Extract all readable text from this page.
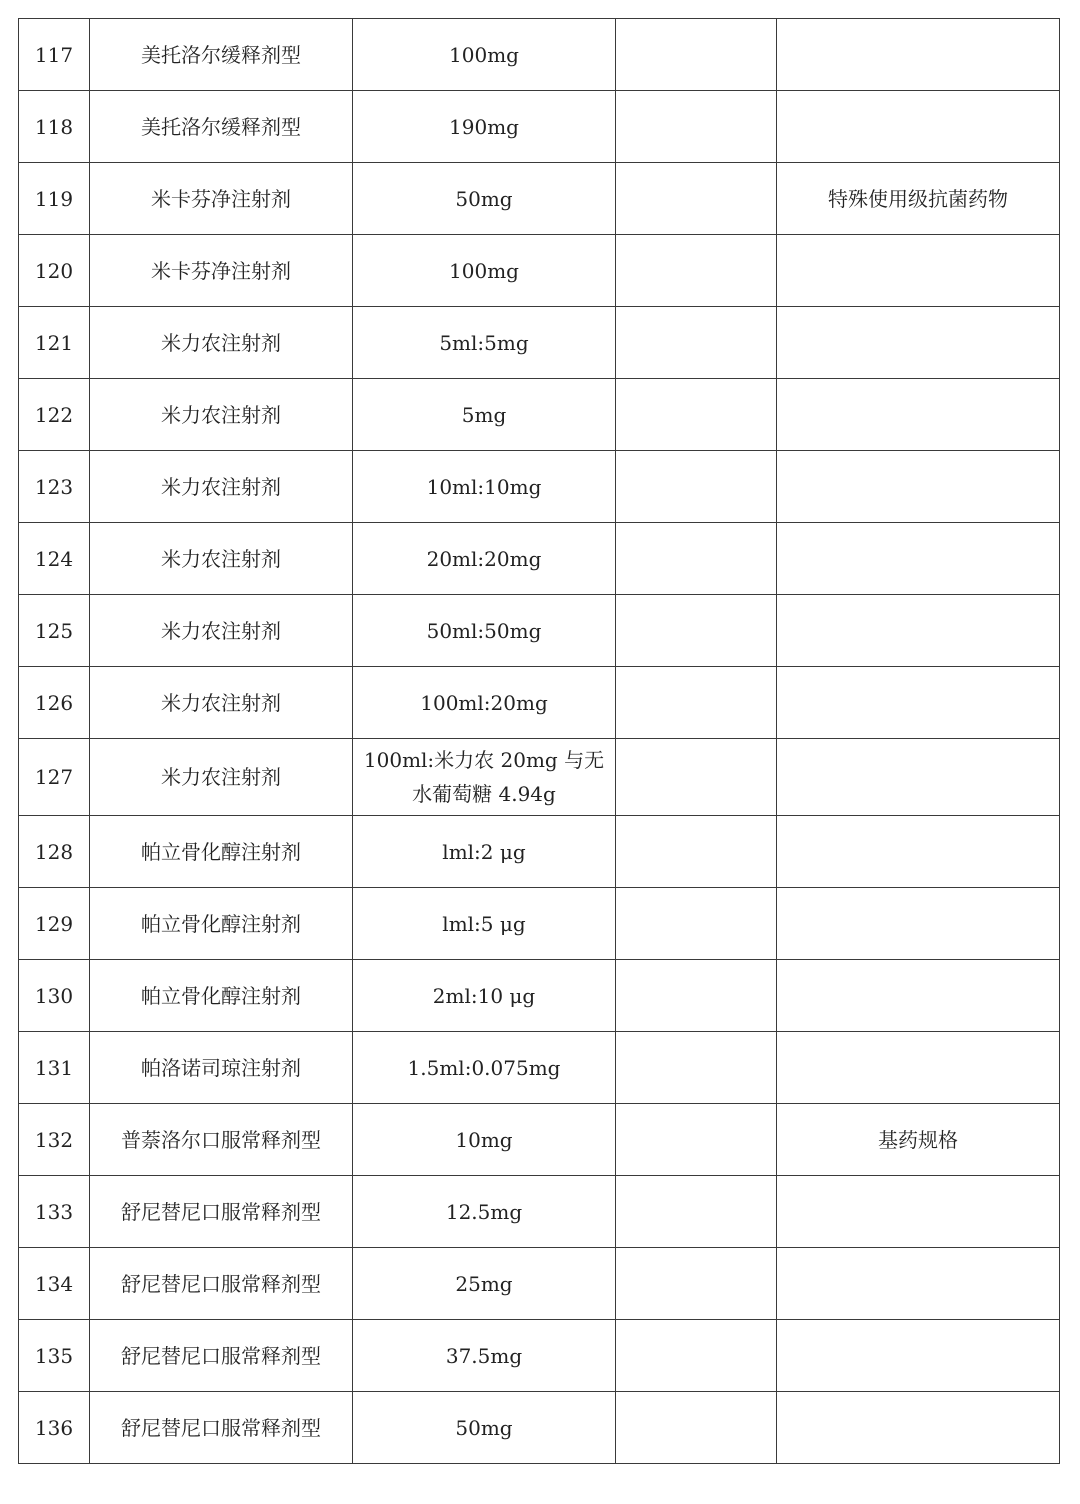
117	美托洛尔缓释剂型	100mg		
118	美托洛尔缓释剂型	190mg		
119	米卡芬净注射剂	50mg		特殊使用级抗菌药物
120	米卡芬净注射剂	100mg		
121	米力农注射剂	5ml:5mg		
122	米力农注射剂	5mg		
123	米力农注射剂	10ml:10mg		
124	米力农注射剂	20ml:20mg		
125	米力农注射剂	50ml:50mg		
126	米力农注射剂	100ml:20mg		
127	米力农注射剂	100ml:米力农 20mg 与无水葡萄糖 4.94g		
128	帕立骨化醇注射剂	lml:2 μg		
129	帕立骨化醇注射剂	lml:5 μg		
130	帕立骨化醇注射剂	2ml:10 μg		
131	帕洛诺司琼注射剂	1.5ml:0.075mg		
132	普萘洛尔口服常释剂型	10mg		基药规格
133	舒尼替尼口服常释剂型	12.5mg		
134	舒尼替尼口服常释剂型	25mg		
135	舒尼替尼口服常释剂型	37.5mg		
136	舒尼替尼口服常释剂型	50mg		
